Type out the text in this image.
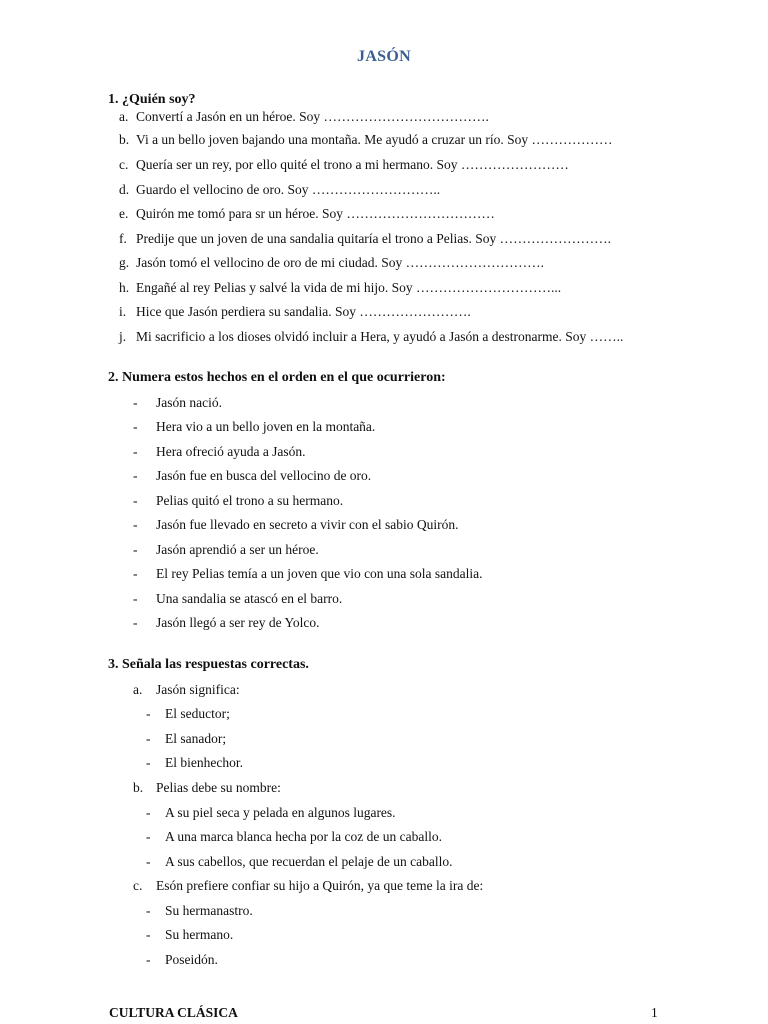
JASÓN
1. ¿Quién soy?
a. Convertí a Jasón en un héroe. Soy ……………………………….
b. Vi a un bello joven bajando una montaña. Me ayudó a cruzar un río. Soy ………………
c. Quería ser un rey, por ello quité el trono a mi hermano. Soy ……………………
d. Guardo el vellocino de oro. Soy ………………………..
e. Quirón me tomó para sr un héroe. Soy ……………………………
f. Predije que un joven de una sandalia quitaría el trono a Pelias. Soy …………………….
g. Jasón tomó el vellocino de oro de mi ciudad. Soy ………………………….
h. Engañé al rey Pelias y salvé la vida de mi hijo. Soy …………………………...
i. Hice que Jasón perdiera su sandalia. Soy …………………….
j. Mi sacrificio a los dioses olvidó incluir a Hera, y ayudó a Jasón a destronarme. Soy ……..
2. Numera estos hechos en el orden en el que ocurrieron:
- Jasón nació.
- Hera vio a un bello joven en la montaña.
- Hera ofreció ayuda a Jasón.
- Jasón fue en busca del vellocino de oro.
- Pelias quitó el trono a su hermano.
- Jasón fue llevado en secreto a vivir con el sabio Quirón.
- Jasón aprendió a ser un héroe.
- El rey Pelias temía a un joven que vio con una sola sandalia.
- Una sandalia se atascó en el barro.
- Jasón llegó a ser rey de Yolco.
3. Señala las respuestas correctas.
a. Jasón significa:
- El seductor;
- El sanador;
- El bienhechor.
b. Pelias debe su nombre:
- A su piel seca y pelada en algunos lugares.
- A una marca blanca hecha por la coz de un caballo.
- A sus cabellos, que recuerdan el pelaje de un caballo.
c. Esón prefiere confiar su hijo a Quirón, ya que teme la ira de:
- Su hermanastro.
- Su hermano.
- Poseidón.
CULTURA CLÁSICA	1
